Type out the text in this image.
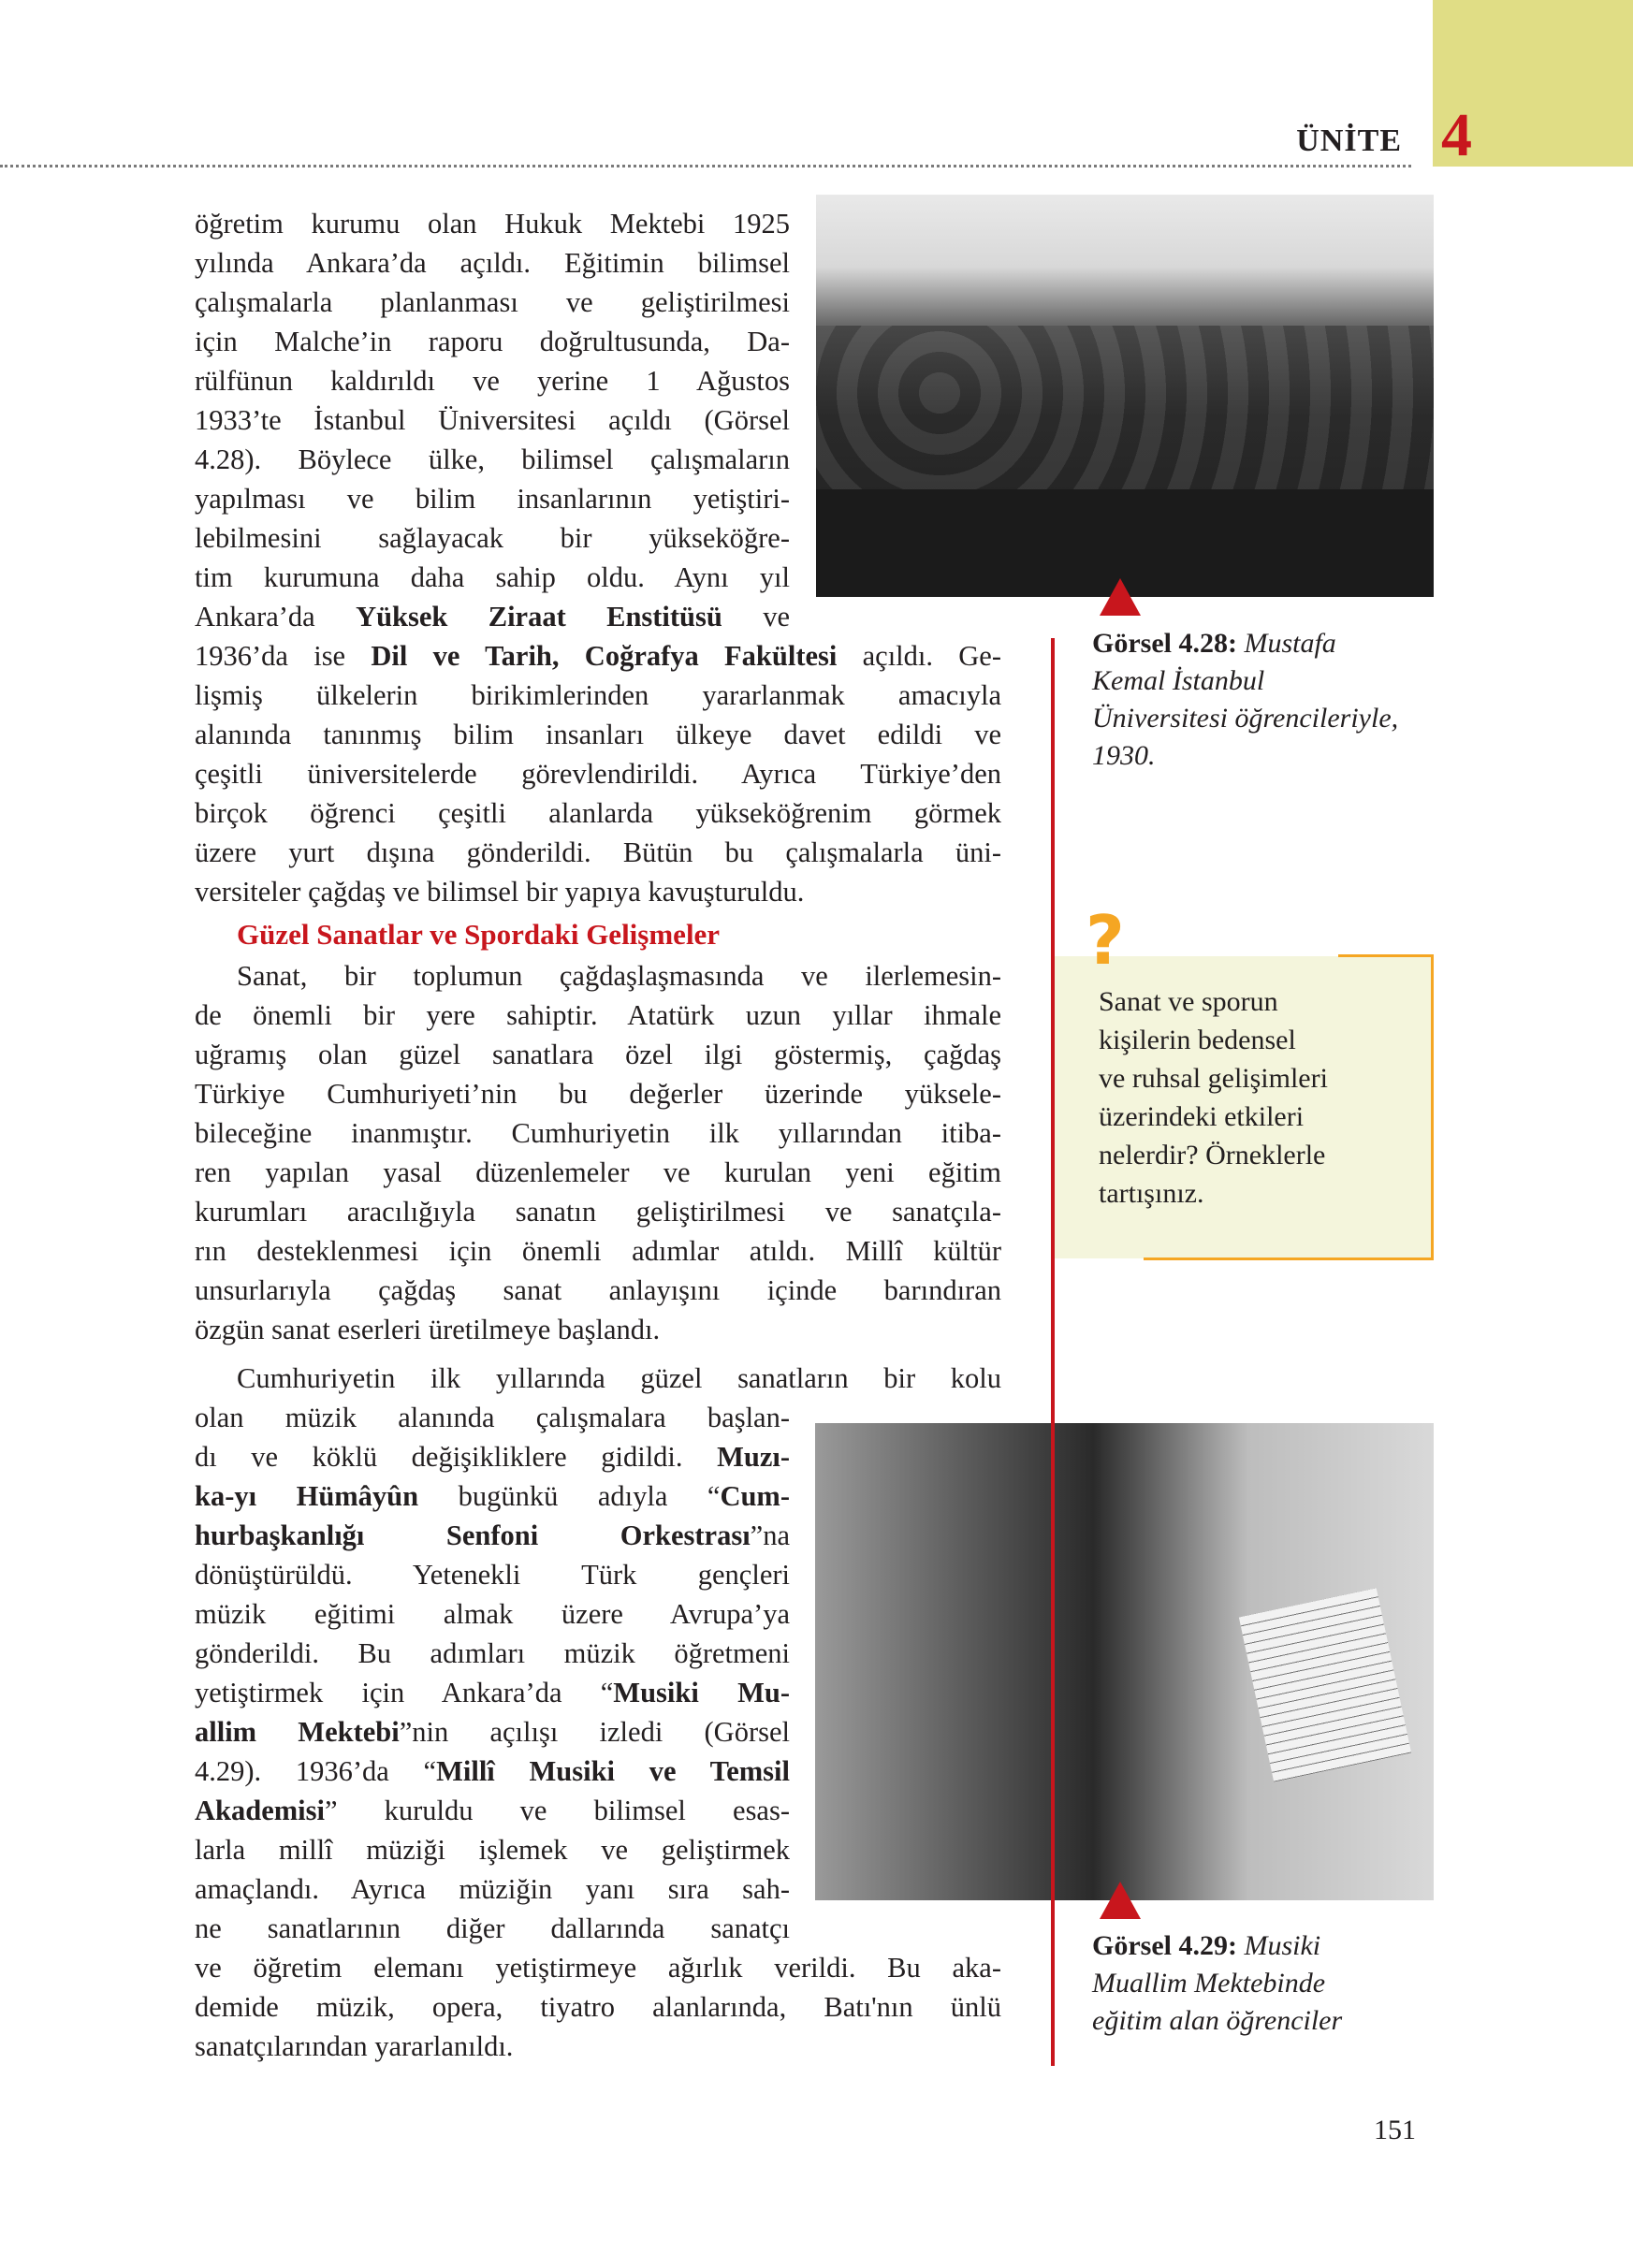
4
ÜNİTE
öğretim kurumu olan Hukuk Mektebi 1925
yılında Ankara’da açıldı. Eğitimin bilimsel
çalışmalarla planlanması ve geliştirilmesi
için Malche’in raporu doğrultusunda, Da-
rülfünun kaldırıldı ve yerine 1 Ağustos
1933’te İstanbul Üniversitesi açıldı (Görsel
4.28). Böylece ülke, bilimsel çalışmaların
yapılması ve bilim insanlarının yetiştiri-
lebilmesini sağlayacak bir yükseköğre-
tim kurumuna daha sahip oldu. Aynı yıl
Ankara’da Yüksek Ziraat Enstitüsü ve
1936’da ise Dil ve Tarih, Coğrafya Fakültesi açıldı. Ge-
lişmiş ülkelerin birikimlerinden yararlanmak amacıyla
alanında tanınmış bilim insanları ülkeye davet edildi ve
çeşitli üniversitelerde görevlendirildi. Ayrıca Türkiye’den
birçok öğrenci çeşitli alanlarda yükseköğrenim görmek
üzere yurt dışına gönderildi. Bütün bu çalışmalarla üni-
versiteler çağdaş ve bilimsel bir yapıya kavuşturuldu.
Güzel Sanatlar ve Spordaki Gelişmeler
Sanat, bir toplumun çağdaşlaşmasında ve ilerlemesin-
de önemli bir yere sahiptir. Atatürk uzun yıllar ihmale
uğramış olan güzel sanatlara özel ilgi göstermiş, çağdaş
Türkiye Cumhuriyeti’nin bu değerler üzerinde yüksele-
bileceğine inanmıştır. Cumhuriyetin ilk yıllarından itiba-
ren yapılan yasal düzenlemeler ve kurulan yeni eğitim
kurumları aracılığıyla sanatın geliştirilmesi ve sanatçıla-
rın desteklenmesi için önemli adımlar atıldı. Millî kültür
unsurlarıyla çağdaş sanat anlayışını içinde barındıran
özgün sanat eserleri üretilmeye başlandı.
Cumhuriyetin ilk yıllarında güzel sanatların bir kolu
olan müzik alanında çalışmalara başlan-
dı ve köklü değişikliklere gidildi. Muzı-
ka-yı Hümâyûn bugünkü adıyla “Cum-
hurbaşkanlığı Senfoni Orkestrası”na
dönüştürüldü. Yetenekli Türk gençleri
müzik eğitimi almak üzere Avrupa’ya
gönderildi. Bu adımları müzik öğretmeni
yetiştirmek için Ankara’da “Musiki Mu-
allim Mektebi”nin açılışı izledi (Görsel
4.29). 1936’da “Millî Musiki ve Temsil
Akademisi” kuruldu ve bilimsel esas-
larla millî müziği işlemek ve geliştirmek
amaçlandı. Ayrıca müziğin yanı sıra sah-
ne sanatlarının diğer dallarında sanatçı
ve öğretim elemanı yetiştirmeye ağırlık verildi. Bu aka-
demide müzik, opera, tiyatro alanlarında, Batı'nın ünlü
sanatçılarından yararlanıldı.
Görsel 4.28: Mustafa
Kemal İstanbul
Üniversitesi öğrencileriyle,
1930.
Görsel 4.29: Musiki
Muallim Mektebinde
eğitim alan öğrenciler
?
Sanat ve sporun
kişilerin bedensel
ve ruhsal gelişimleri
üzerindeki etkileri
nelerdir? Örneklerle
tartışınız.
151
